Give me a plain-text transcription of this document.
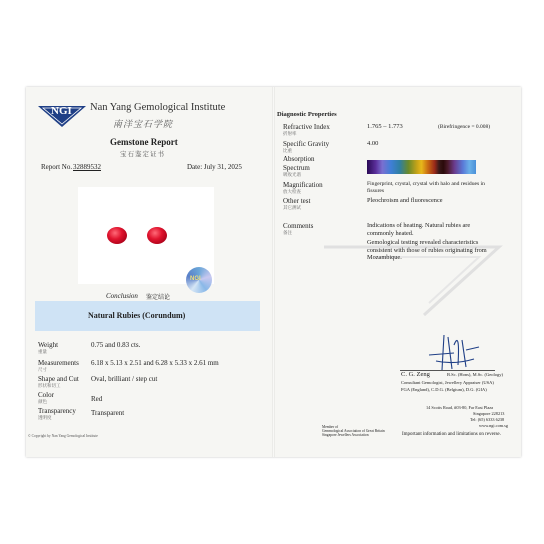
NGI Nan Yang Gemological Institute
南洋宝石学院
Gemstone Report
宝石鉴定证书
Report No. 32889532	Date: July 31, 2025
NGI
Conclusion 鉴定结论
Natural Rubies (Corundum)
Weight
重量
0.75 and 0.83 cts.
Measurements
尺寸
6.18 x 5.13 x 2.51 and 6.28 x 5.33 x 2.61 mm
Shape and Cut
形状和切工
Oval, brilliant / step cut
Color
颜色	Red
Transparency
透明度
Transparent
© Copyright by Nan Yang Gemological Institute
Diagnostic Properties
Refractive Index
折射率
1.765 – 1.773	(Birefringence = 0.008)
Specific Gravity
比重
4.00
Absorption
Spectrum
吸收光谱
Magnification
放大检查
Fingerprint, crystal, crystal with halo and residues in fissures
Other test
其它测试
Pleochroism and fluorescence
Comments
备注
Indications of heating. Natural rubies are commonly heated.
Gemological testing revealed characteristics consistent with those of rubies originating from Mozambique.
C. G. Zeng	B.Sc. (Hons), M.Sc. (Geology)
Consultant Gemologist, Jewellery Appraiser (USA)
FGA (England), C.D.G. (Belgium), D.G. (GIA)
14 Scotts Road, #03-80, Far East Plaza
Singapore 228213
Tel: (65) 6333 6238
www.ngi.com.sg
Member of
Gemmological Association of Great Britain
Singapore Jewellers Association	Important information and limitations on reverse.
